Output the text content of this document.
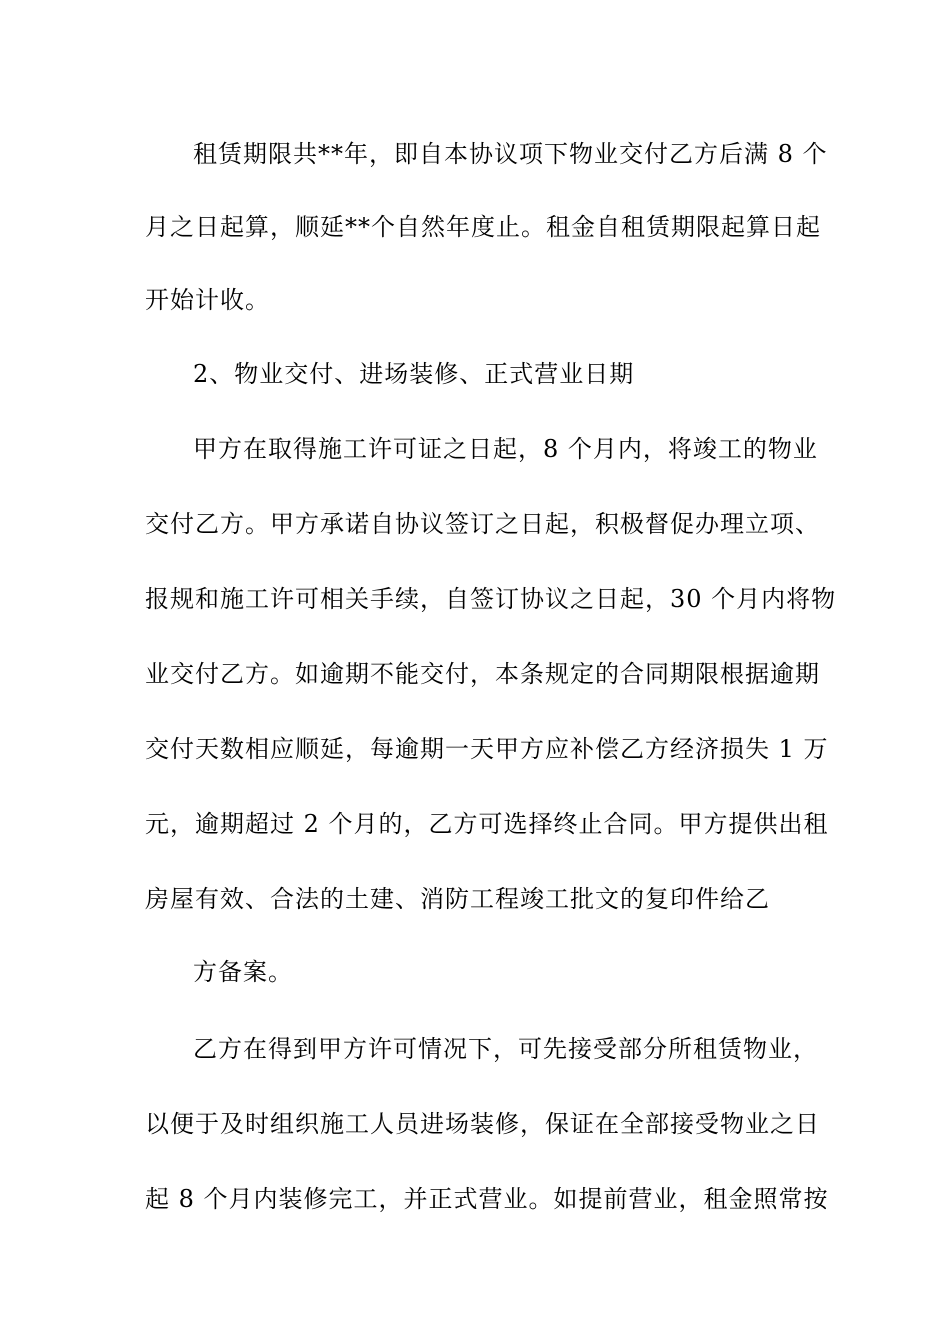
租赁期限共**年，即自本协议项下物业交付乙方后满 8 个
月之日起算，顺延**个自然年度止。租金自租赁期限起算日起
开始计收。
2、物业交付、进场装修、正式营业日期
甲方在取得施工许可证之日起，8 个月内，将竣工的物业
交付乙方。甲方承诺自协议签订之日起，积极督促办理立项、
报规和施工许可相关手续，自签订协议之日起，30 个月内将物
业交付乙方。如逾期不能交付，本条规定的合同期限根据逾期
交付天数相应顺延，每逾期一天甲方应补偿乙方经济损失 1 万
元，逾期超过 2 个月的，乙方可选择终止合同。甲方提供出租
房屋有效、合法的土建、消防工程竣工批文的复印件给乙
方备案。
乙方在得到甲方许可情况下，可先接受部分所租赁物业，
以便于及时组织施工人员进场装修，保证在全部接受物业之日
起 8 个月内装修完工，并正式营业。如提前营业，租金照常按
